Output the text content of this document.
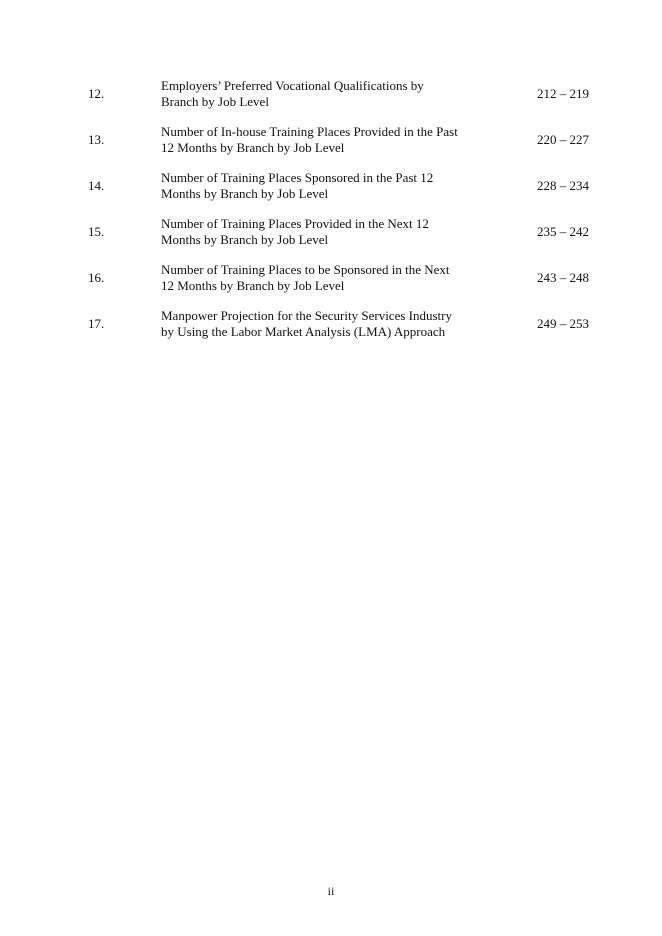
12.
Employers’ Preferred Vocational Qualifications by
Branch by Job Level
212 – 219
13.
Number of In-house Training Places Provided in the Past
12 Months by Branch by Job Level
220 – 227
14.
Number of Training Places Sponsored in the Past 12
Months by Branch by Job Level
228 – 234
15.
Number of Training Places Provided in the Next 12
Months by Branch by Job Level
235 – 242
16.
Number of Training Places to be Sponsored in the Next
12 Months by Branch by Job Level
243 – 248
17.
Manpower Projection for the Security Services Industry
by Using the Labor Market Analysis (LMA) Approach
249 – 253
ii
